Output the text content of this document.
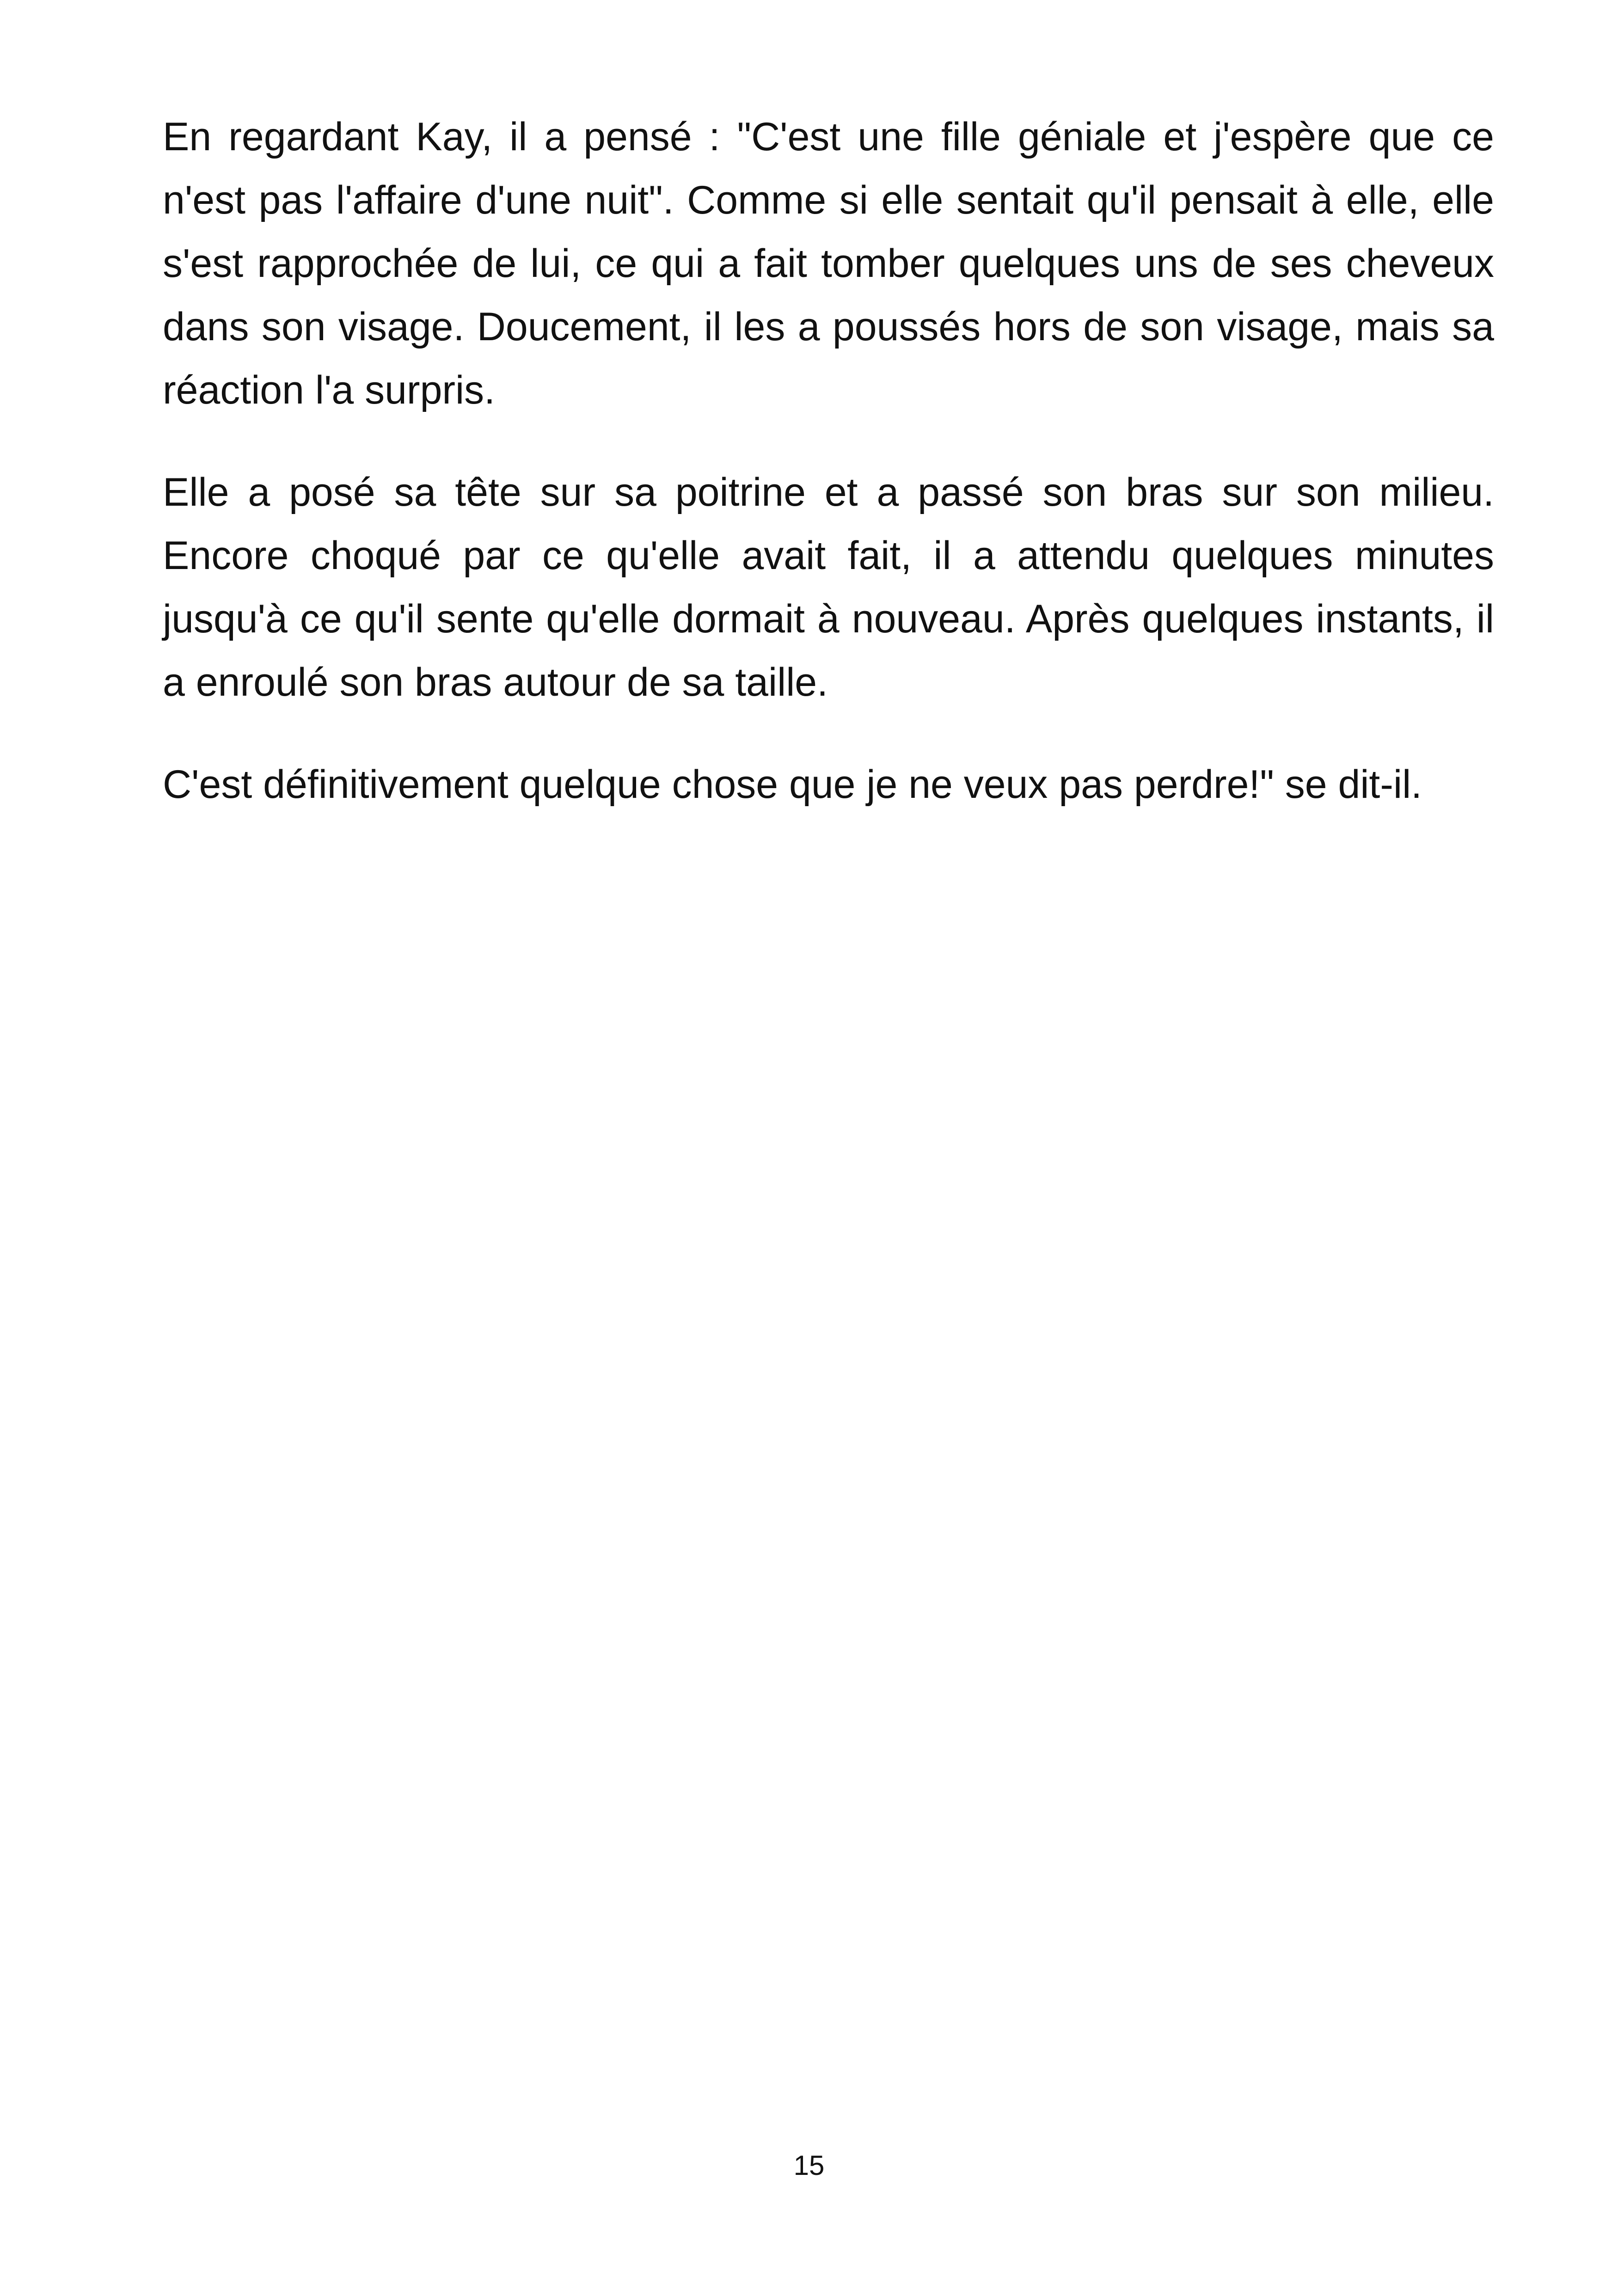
En regardant Kay, il a pensé : "C'est une fille géniale et j'espère que ce n'est pas l'affaire d'une nuit". Comme si elle sentait qu'il pensait à elle, elle s'est rapprochée de lui, ce qui a fait tomber quelques uns de ses cheveux dans son visage. Doucement, il les a poussés hors de son visage, mais sa réaction l'a surpris.

Elle a posé sa tête sur sa poitrine et a passé son bras sur son milieu. Encore choqué par ce qu'elle avait fait, il a attendu quelques minutes jusqu'à ce qu'il sente qu'elle dormait à nouveau. Après quelques instants, il a enroulé son bras autour de sa taille.

C'est définitivement quelque chose que je ne veux pas perdre!" se dit-il.

15
